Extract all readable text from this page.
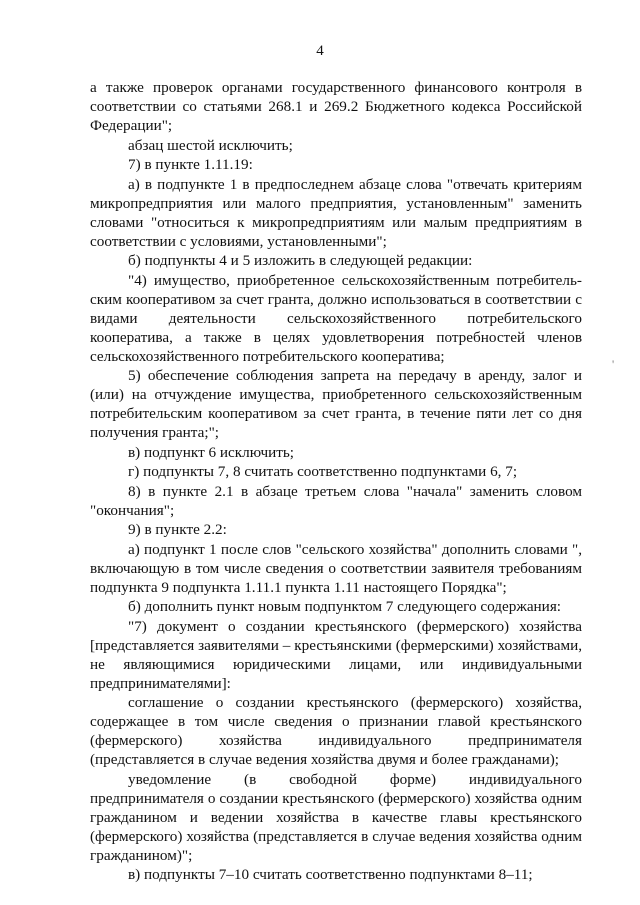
4

а также проверок органами государственного финансового контроля в соответствии со статьями 268.1 и 269.2 Бюджетного кодекса Российской Федерации";

абзац шестой исключить;

7) в пункте 1.11.19:

а) в подпункте 1 в предпоследнем абзаце слова "отвечать критериям микропредприятия или малого предприятия, установленным" заменить словами "относиться к микропредприятиям или малым предприятиям в соответствии с условиями, установленными";

б) подпункты 4 и 5 изложить в следующей редакции:

"4) имущество, приобретенное сельскохозяйственным потребитель-ским кооперативом за счет гранта, должно использоваться в соответствии с видами деятельности сельскохозяйственного потребительского кооператива, а также в целях удовлетворения потребностей членов сельскохозяйственного потребительского кооператива;

5) обеспечение соблюдения запрета на передачу в аренду, залог и (или) на отчуждение имущества, приобретенного сельскохозяйственным потребительским кооперативом за счет гранта, в течение пяти лет со дня получения гранта;";

в) подпункт 6 исключить;

г) подпункты 7, 8 считать соответственно подпунктами 6, 7;

8) в пункте 2.1 в абзаце третьем слова "начала" заменить словом "окончания";

9) в пункте 2.2:

а) подпункт 1 после слов "сельского хозяйства" дополнить словами ", включающую в том числе сведения о соответствии заявителя требованиям подпункта 9 подпункта 1.11.1 пункта 1.11 настоящего Порядка";

б) дополнить пункт новым подпунктом 7 следующего содержания:

"7) документ о создании крестьянского (фермерского) хозяйства [представляется заявителями – крестьянскими (фермерскими) хозяйствами, не являющимися юридическими лицами, или индивидуальными предпринимателями]:

соглашение о создании крестьянского (фермерского) хозяйства, содержащее в том числе сведения о признании главой крестьянского (фермерского) хозяйства индивидуального предпринимателя (представляется в случае ведения хозяйства двумя и более гражданами);

уведомление (в свободной форме) индивидуального предпринимателя о создании крестьянского (фермерского) хозяйства одним гражданином и ведении хозяйства в качестве главы крестьянского (фермерского) хозяйства (представляется в случае ведения хозяйства одним гражданином)";

в) подпункты 7–10 считать соответственно подпунктами 8–11;

'
